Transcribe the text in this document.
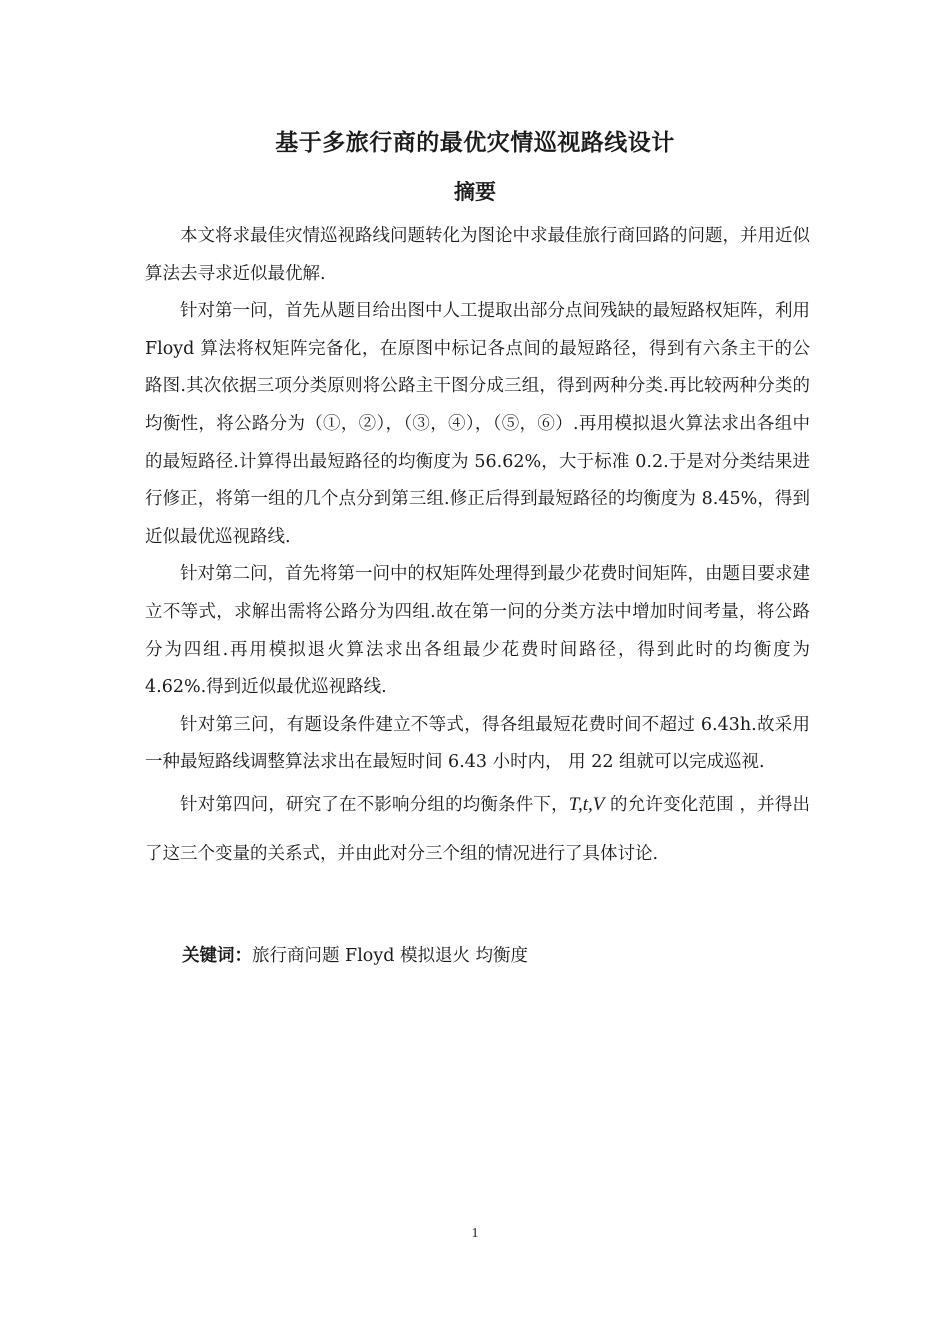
基于多旅行商的最优灾情巡视路线设计
摘要

本文将求最佳灾情巡视路线问题转化为图论中求最佳旅行商回路的问题，并用近似算法去寻求近似最优解.

针对第一问，首先从题目给出图中人工提取出部分点间残缺的最短路权矩阵，利用 Floyd 算法将权矩阵完备化，在原图中标记各点间的最短路径，得到有六条主干的公路图.其次依据三项分类原则将公路主干图分成三组，得到两种分类.再比较两种分类的均衡性，将公路分为（①，②），（③，④），（⑤，⑥）.再用模拟退火算法求出各组中的最短路径.计算得出最短路径的均衡度为 56.62%，大于标准 0.2.于是对分类结果进行修正，将第一组的几个点分到第三组.修正后得到最短路径的均衡度为 8.45%，得到近似最优巡视路线.

针对第二问，首先将第一问中的权矩阵处理得到最少花费时间矩阵，由题目要求建立不等式，求解出需将公路分为四组.故在第一问的分类方法中增加时间考量，将公路分为四组.再用模拟退火算法求出各组最少花费时间路径，得到此时的均衡度为 4.62%.得到近似最优巡视路线.

针对第三问，有题设条件建立不等式，得各组最短花费时间不超过 6.43h.故采用一种最短路线调整算法求出在最短时间 6.43 小时内， 用 22 组就可以完成巡视.

针对第四问，研究了在不影响分组的均衡条件下，T,t,V 的允许变化范围 ，并得出了这三个变量的关系式，并由此对分三个组的情况进行了具体讨论.

关键词：旅行商问题 Floyd 模拟退火 均衡度
1
